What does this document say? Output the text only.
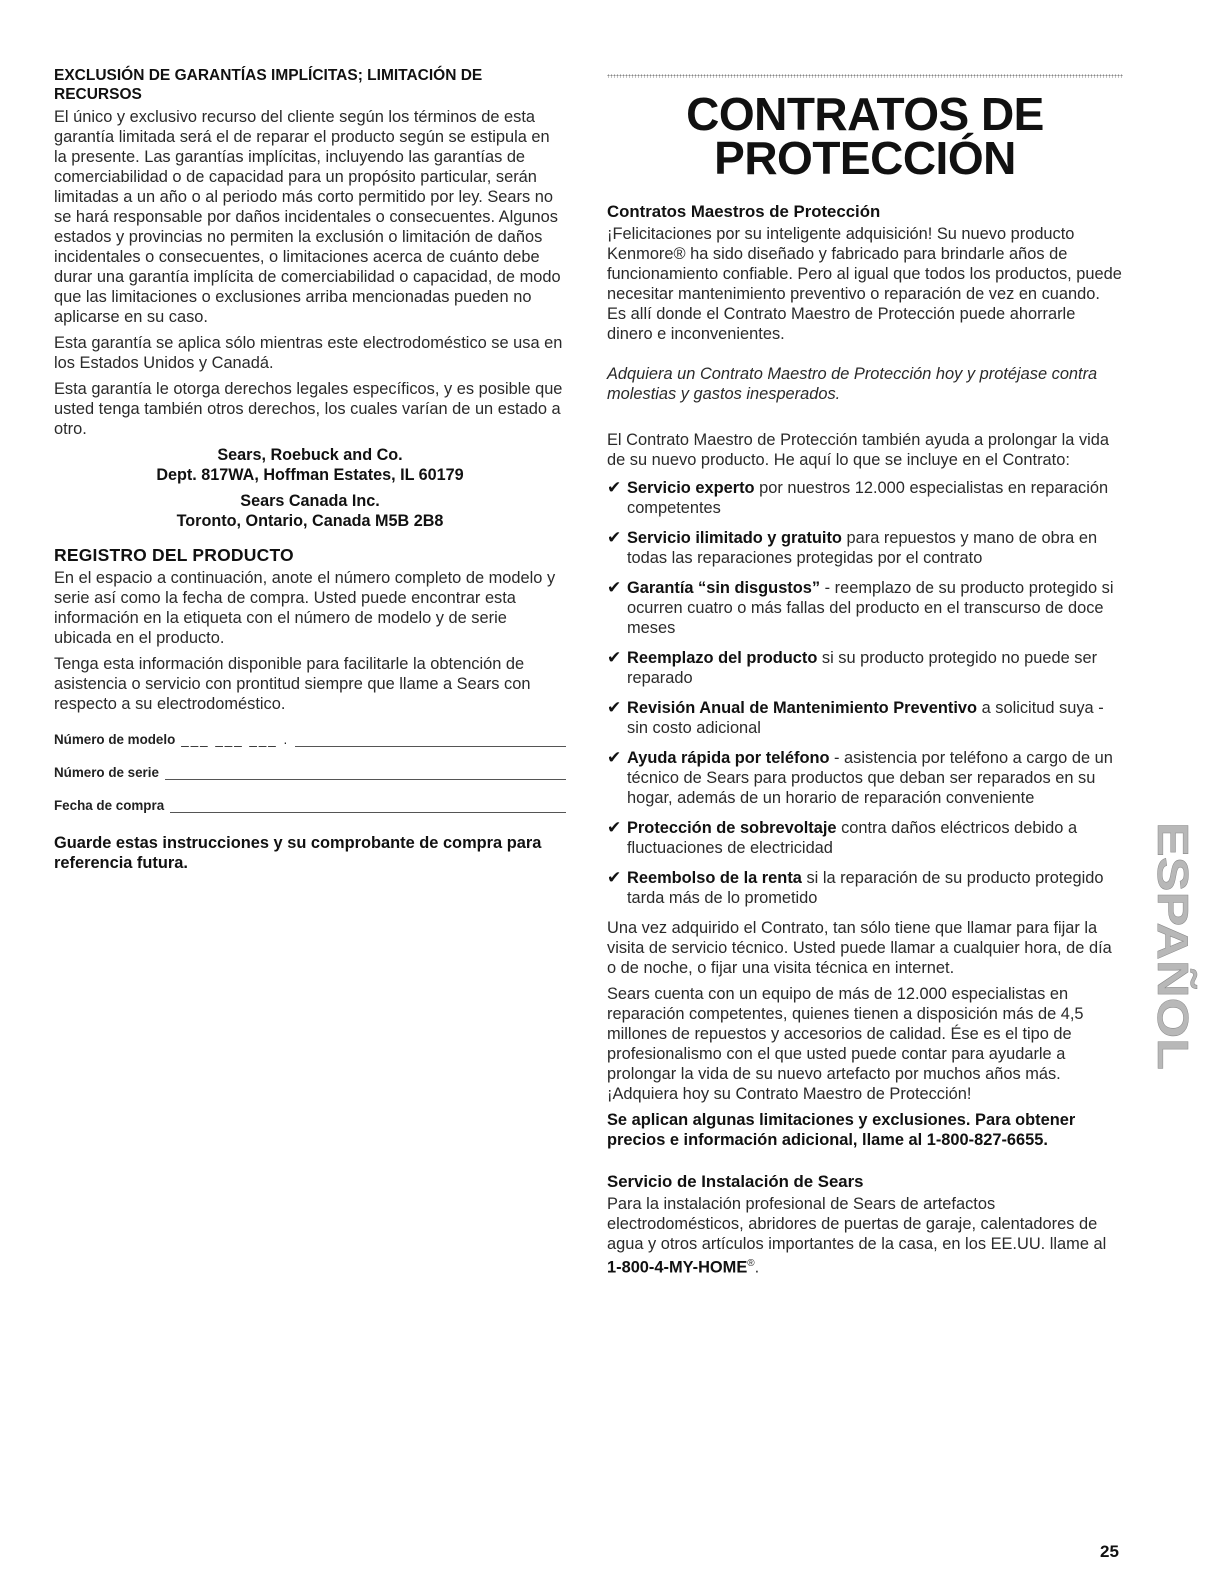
EXCLUSIÓN DE GARANTÍAS IMPLÍCITAS; LIMITACIÓN DE RECURSOS

El único y exclusivo recurso del cliente según los términos de esta garantía limitada será el de reparar el producto según se estipula en la presente. Las garantías implícitas, incluyendo las garantías de comerciabilidad o de capacidad para un propósito particular, serán limitadas a un año o al periodo más corto permitido por ley. Sears no se hará responsable por daños incidentales o consecuentes. Algunos estados y provincias no permiten la exclusión o limitación de daños incidentales o consecuentes, o limitaciones acerca de cuánto debe durar una garantía implícita de comerciabilidad o capacidad, de modo que las limitaciones o exclusiones arriba mencionadas pueden no aplicarse en su caso.

Esta garantía se aplica sólo mientras este electrodoméstico se usa en los Estados Unidos y Canadá.

Esta garantía le otorga derechos legales específicos, y es posible que usted tenga también otros derechos, los cuales varían de un estado a otro.

Sears, Roebuck and Co.
Dept. 817WA, Hoffman Estates, IL 60179
Sears Canada Inc.
Toronto, Ontario, Canada M5B 2B8

REGISTRO DEL PRODUCTO

En el espacio a continuación, anote el número completo de modelo y serie así como la fecha de compra. Usted puede encontrar esta información en la etiqueta con el número de modelo y de serie ubicada en el producto.

Tenga esta información disponible para facilitarle la obtención de asistencia o servicio con prontitud siempre que llame a Sears con respecto a su electrodoméstico.

Número de modelo ___ ___ ___ .
Número de serie
Fecha de compra

Guarde estas instrucciones y su comprobante de compra para referencia futura.

CONTRATOS DE
PROTECCIÓN

Contratos Maestros de Protección

¡Felicitaciones por su inteligente adquisición! Su nuevo producto Kenmore® ha sido diseñado y fabricado para brindarle años de funcionamiento confiable. Pero al igual que todos los productos, puede necesitar mantenimiento preventivo o reparación de vez en cuando. Es allí donde el Contrato Maestro de Protección puede ahorrarle dinero e inconvenientes.

Adquiera un Contrato Maestro de Protección hoy y protéjase contra molestias y gastos inesperados.

El Contrato Maestro de Protección también ayuda a prolongar la vida de su nuevo producto. He aquí lo que se incluye en el Contrato:

✔ Servicio experto por nuestros 12.000 especialistas en reparación competentes
✔ Servicio ilimitado y gratuito para repuestos y mano de obra en todas las reparaciones protegidas por el contrato
✔ Garantía “sin disgustos” - reemplazo de su producto protegido si ocurren cuatro o más fallas del producto en el transcurso de doce meses
✔ Reemplazo del producto si su producto protegido no puede ser reparado
✔ Revisión Anual de Mantenimiento Preventivo a solicitud suya - sin costo adicional
✔ Ayuda rápida por teléfono - asistencia por teléfono a cargo de un técnico de Sears para productos que deban ser reparados en su hogar, además de un horario de reparación conveniente
✔ Protección de sobrevoltaje contra daños eléctricos debido a fluctuaciones de electricidad
✔ Reembolso de la renta si la reparación de su producto protegido tarda más de lo prometido

Una vez adquirido el Contrato, tan sólo tiene que llamar para fijar la visita de servicio técnico. Usted puede llamar a cualquier hora, de día o de noche, o fijar una visita técnica en internet.

Sears cuenta con un equipo de más de 12.000 especialistas en reparación competentes, quienes tienen a disposición más de 4,5 millones de repuestos y accesorios de calidad. Ése es el tipo de profesionalismo con el que usted puede contar para ayudarle a prolongar la vida de su nuevo artefacto por muchos años más. ¡Adquiera hoy su Contrato Maestro de Protección!

Se aplican algunas limitaciones y exclusiones. Para obtener precios e información adicional, llame al 1-800-827-6655.

Servicio de Instalación de Sears

Para la instalación profesional de Sears de artefactos electrodomésticos, abridores de puertas de garaje, calentadores de agua y otros artículos importantes de la casa, en los EE.UU. llame al 1-800-4-MY-HOME®.

ESPAÑOL
25
